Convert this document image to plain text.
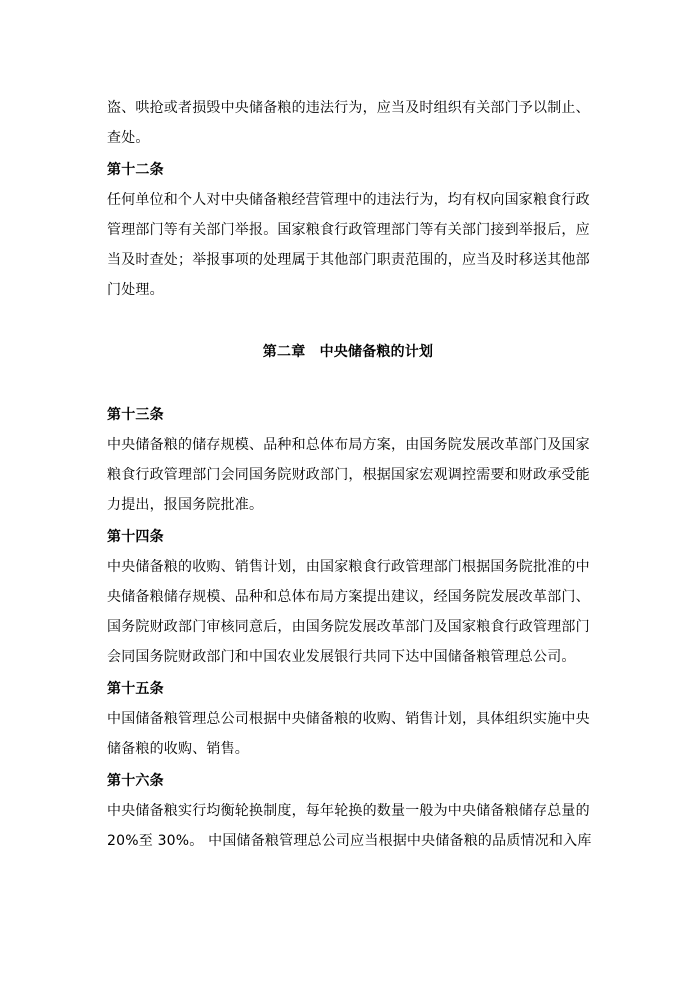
盗、哄抢或者损毁中央储备粮的违法行为，应当及时组织有关部门予以制止、
查处。

第十二条

任何单位和个人对中央储备粮经营管理中的违法行为，均有权向国家粮食行政
管理部门等有关部门举报。国家粮食行政管理部门等有关部门接到举报后，应
当及时查处；举报事项的处理属于其他部门职责范围的，应当及时移送其他部
门处理。

第二章　中央储备粮的计划

第十三条

中央储备粮的储存规模、品种和总体布局方案，由国务院发展改革部门及国家
粮食行政管理部门会同国务院财政部门，根据国家宏观调控需要和财政承受能
力提出，报国务院批准。

第十四条

中央储备粮的收购、销售计划，由国家粮食行政管理部门根据国务院批准的中
央储备粮储存规模、品种和总体布局方案提出建议，经国务院发展改革部门、
国务院财政部门审核同意后，由国务院发展改革部门及国家粮食行政管理部门
会同国务院财政部门和中国农业发展银行共同下达中国储备粮管理总公司。

第十五条

中国储备粮管理总公司根据中央储备粮的收购、销售计划，具体组织实施中央
储备粮的收购、销售。

第十六条

中央储备粮实行均衡轮换制度，每年轮换的数量一般为中央储备粮储存总量的
20%至 30%。 中国储备粮管理总公司应当根据中央储备粮的品质情况和入库
